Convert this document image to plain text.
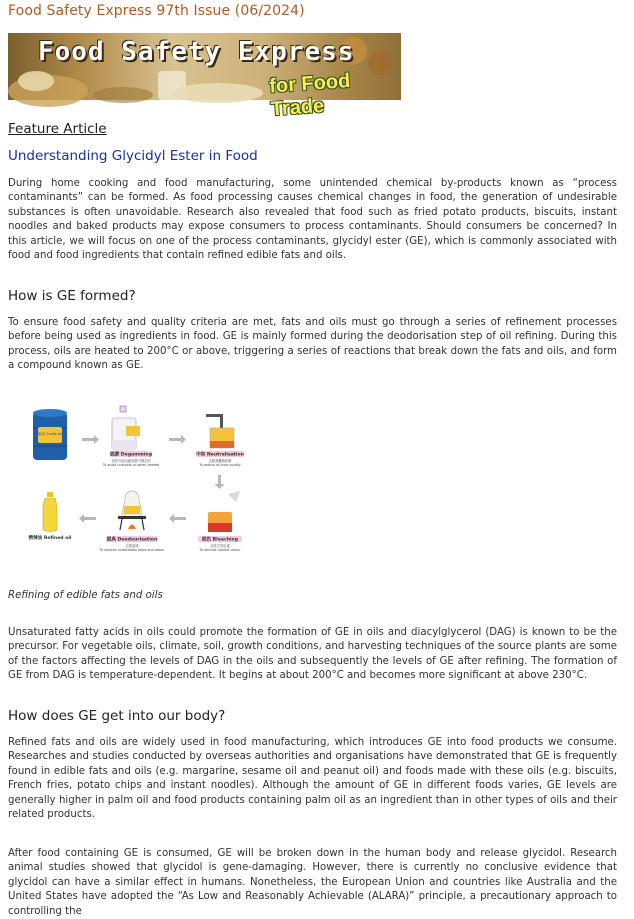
Food Safety Express 97th Issue (06/2024)
Food Safety Express
for Food Trade
Feature Article
Understanding Glycidyl Ester in Food

During home cooking and food manufacturing, some unintended chemical by-products known as “process contaminants” can be formed. As food processing causes chemical changes in food, the generation of undesirable substances is often unavoidable. Research also revealed that food such as fried potato products, biscuits, instant noodles and baked products may expose consumers to process contaminants. Should consumers be concerned? In this article, we will focus on one of the process contaminants, glycidyl ester (GE), which is commonly associated with food and food ingredients that contain refined edible fats and oils.

How is GE formed?

To ensure food safety and quality criteria are met, fats and oils must go through a series of refinement processes before being used as ingredients in food. GE is mainly formed during the deodorisation step of oil refining. During this process, oils are heated to 200°C or above, triggering a series of reactions that break down the fats and oils, and form a compound known as GE.

原油 Crude oil
脱膠 Degumming
去除引致油細加熱不穩定的
To avoid unstable oil when heated
中和 Neutralisation
去除游離脂肪酸
To reduce oil from acidity
脱色 Bleaching
去除天然色素
To remove natural colour
脱臭 Deodourisation
去除氣味
To remove undesirable taste and odour
精煉油 Refined oil
Refining of edible fats and oils

Unsaturated fatty acids in oils could promote the formation of GE in oils and diacylglycerol (DAG) is known to be the precursor. For vegetable oils, climate, soil, growth conditions, and harvesting techniques of the source plants are some of the factors affecting the levels of DAG in the oils and subsequently the levels of GE after refining. The formation of GE from DAG is temperature-dependent. It begins at about 200°C and becomes more significant at above 230°C.

How does GE get into our body?

Refined fats and oils are widely used in food manufacturing, which introduces GE into food products we consume. Researches and studies conducted by overseas authorities and organisations have demonstrated that GE is frequently found in edible fats and oils (e.g. margarine, sesame oil and peanut oil) and foods made with these oils (e.g. biscuits, French fries, potato chips and instant noodles). Although the amount of GE in different foods varies, GE levels are generally higher in palm oil and food products containing palm oil as an ingredient than in other types of oils and their related products.

After food containing GE is consumed, GE will be broken down in the human body and release glycidol. Research animal studies showed that glycidol is gene-damaging. However, there is currently no conclusive evidence that glycidol can have a similar effect in humans. Nonetheless, the European Union and countries like Australia and the United States have adopted the “As Low and Reasonably Achievable (ALARA)” principle, a precautionary approach to controlling the
